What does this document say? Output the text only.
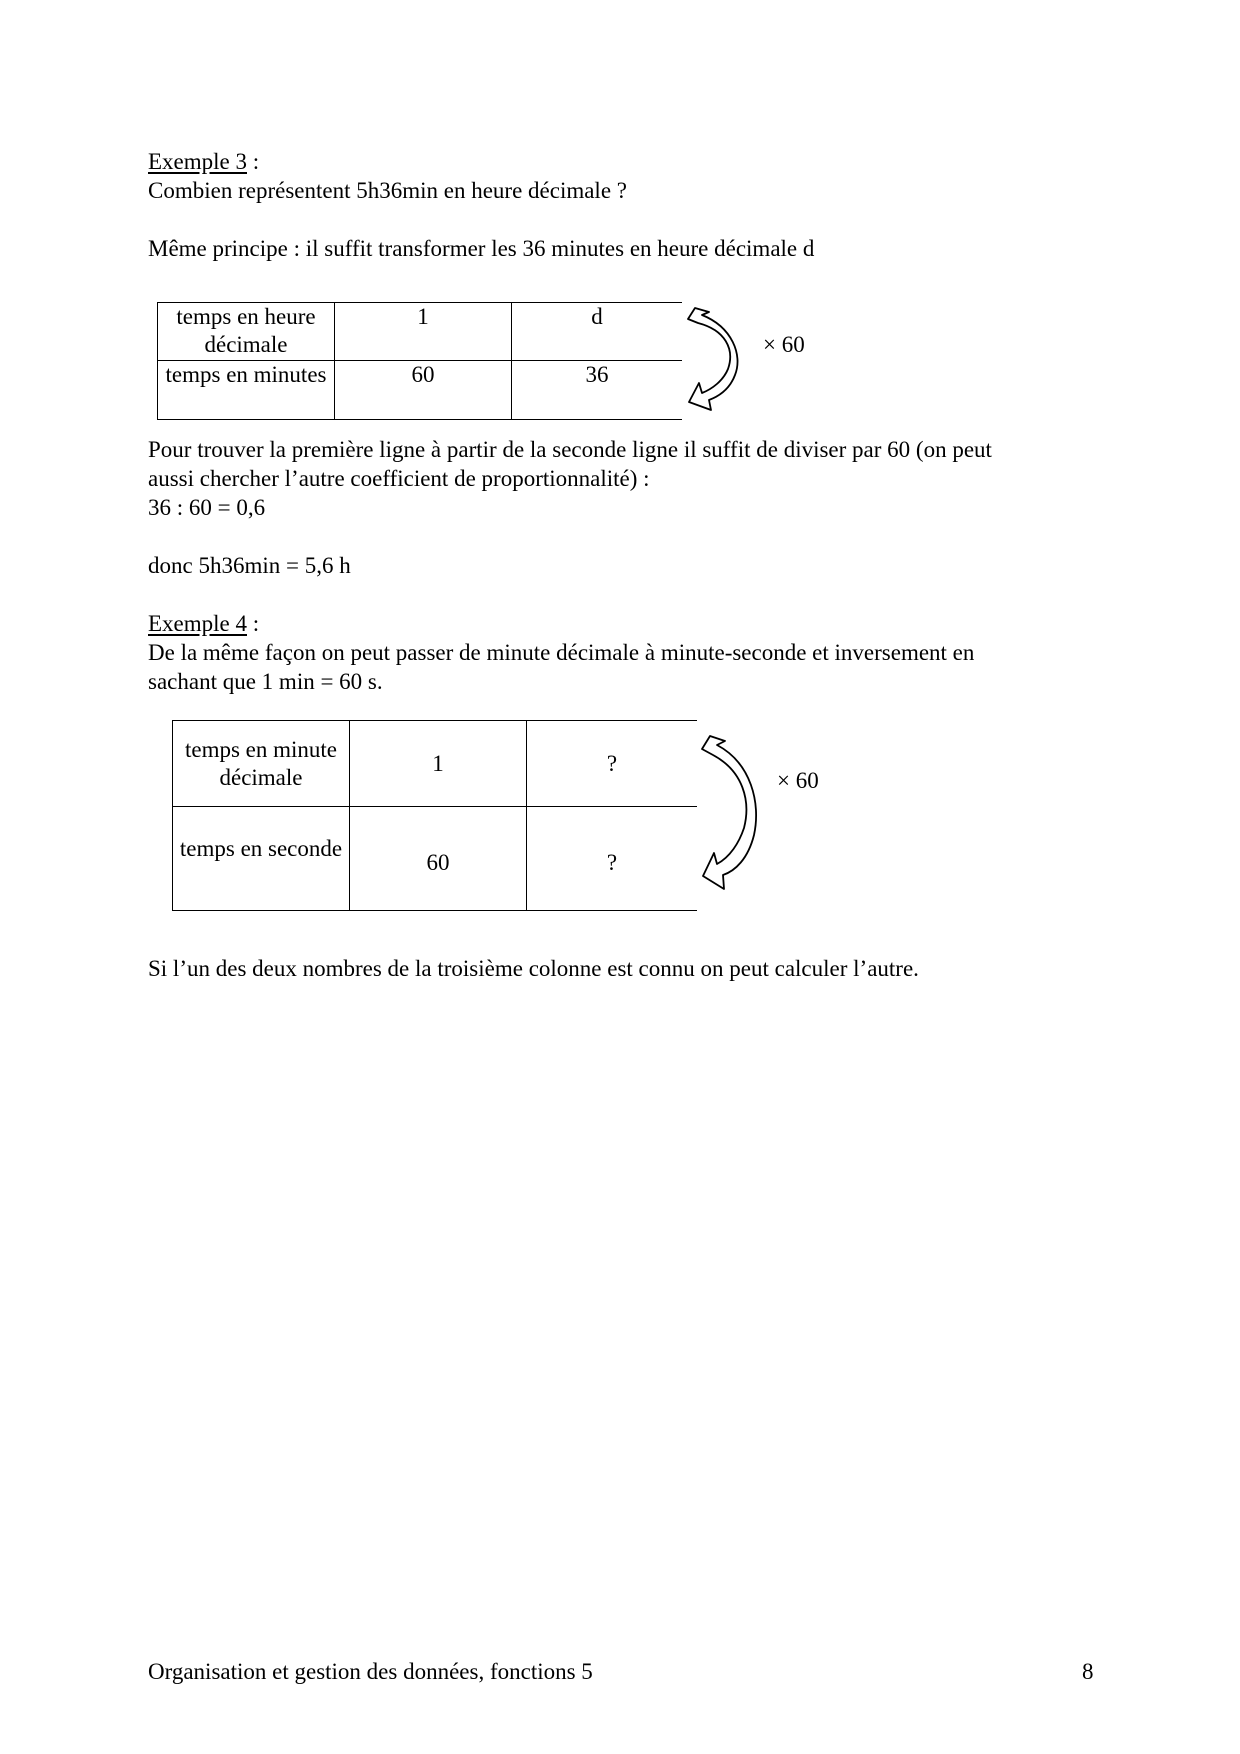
Exemple 3 :
Combien représentent 5h36min en heure décimale ?
Même principe : il suffit transformer les 36 minutes en heure décimale d
temps en heure décimale	1	d
temps en minutes	60	36
× 60
Pour trouver la première ligne à partir de la seconde ligne il suffit de diviser par 60 (on peut
aussi chercher l’autre coefficient de proportionnalité) :
36 : 60 = 0,6
donc 5h36min = 5,6 h
Exemple 4 :
De la même façon on peut passer de minute décimale à minute-seconde et inversement en
sachant que 1 min = 60 s.
temps en minute décimale	1	?
temps en seconde	60	?
× 60
Si l’un des deux nombres de la troisième colonne est connu on peut calculer l’autre.
Organisation et gestion des données, fonctions 5	8
